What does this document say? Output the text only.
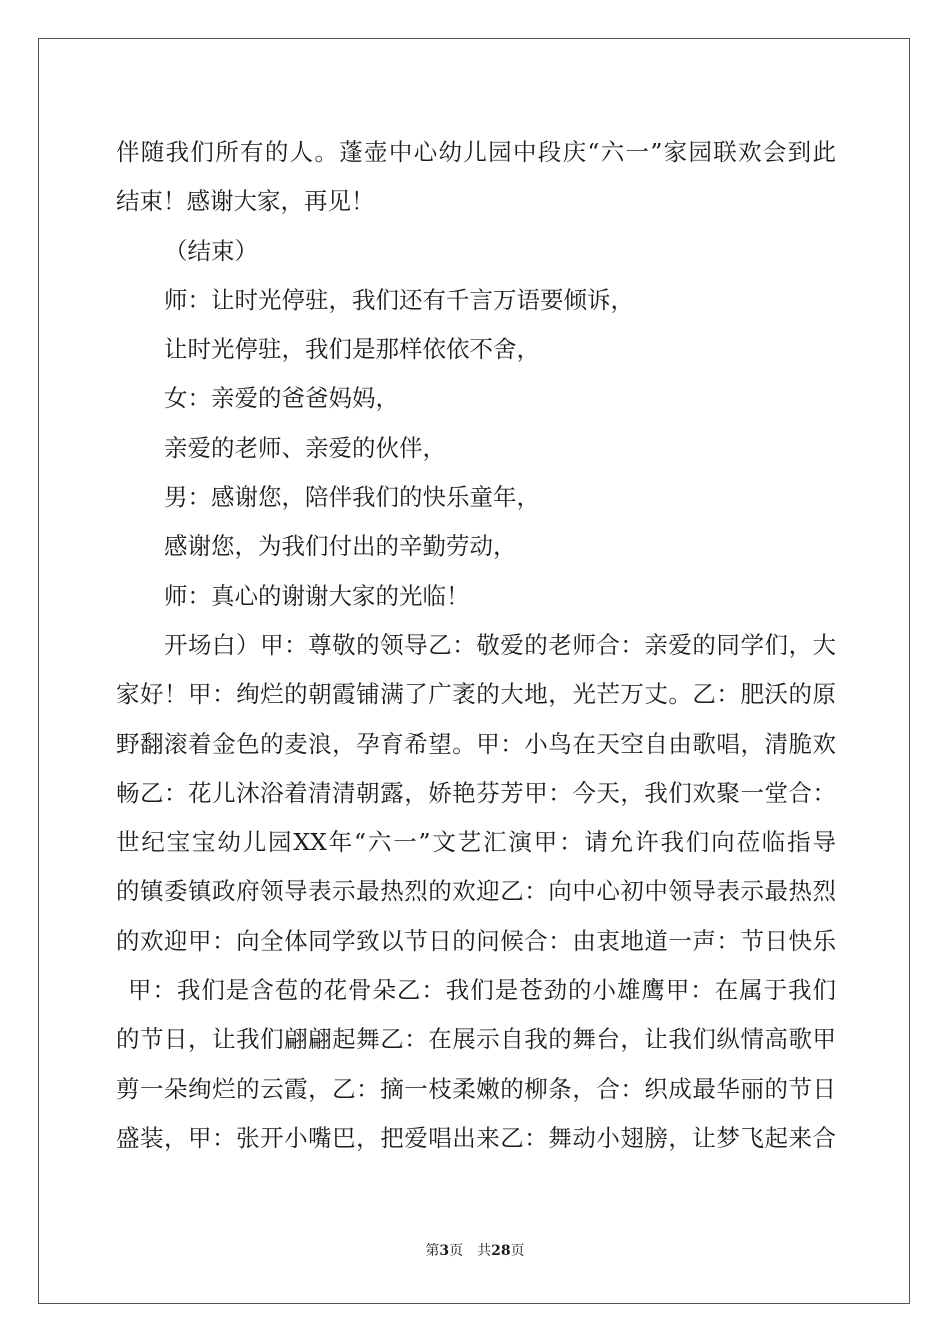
伴随我们所有的人。蓬壶中心幼儿园中段庆“六一”家园联欢会到此
结束！感谢大家，再见！
（结束）
师：让时光停驻，我们还有千言万语要倾诉，
让时光停驻，我们是那样依依不舍，
女：亲爱的爸爸妈妈，
亲爱的老师、亲爱的伙伴，
男：感谢您，陪伴我们的快乐童年，
感谢您，为我们付出的辛勤劳动，
师：真心的谢谢大家的光临！
开场白）甲：尊敬的领导乙：敬爱的老师合：亲爱的同学们，大
家好！甲：绚烂的朝霞铺满了广袤的大地，光芒万丈。乙：肥沃的原
野翻滚着金色的麦浪，孕育希望。甲：小鸟在天空自由歌唱，清脆欢
畅乙：花儿沐浴着清清朝露，娇艳芬芳甲：今天，我们欢聚一堂合：
世纪宝宝幼儿园XX年“六一”文艺汇演甲：请允许我们向莅临指导
的镇委镇政府领导表示最热烈的欢迎乙：向中心初中领导表示最热烈
的欢迎甲：向全体同学致以节日的问候合：由衷地道一声：节日快乐
甲：我们是含苞的花骨朵乙：我们是苍劲的小雄鹰甲：在属于我们
的节日，让我们翩翩起舞乙：在展示自我的舞台，让我们纵情高歌甲
剪一朵绚烂的云霞，乙：摘一枝柔嫩的柳条，合：织成最华丽的节日
盛装，甲：张开小嘴巴，把爱唱出来乙：舞动小翅膀，让梦飞起来合
第3页 共28页
